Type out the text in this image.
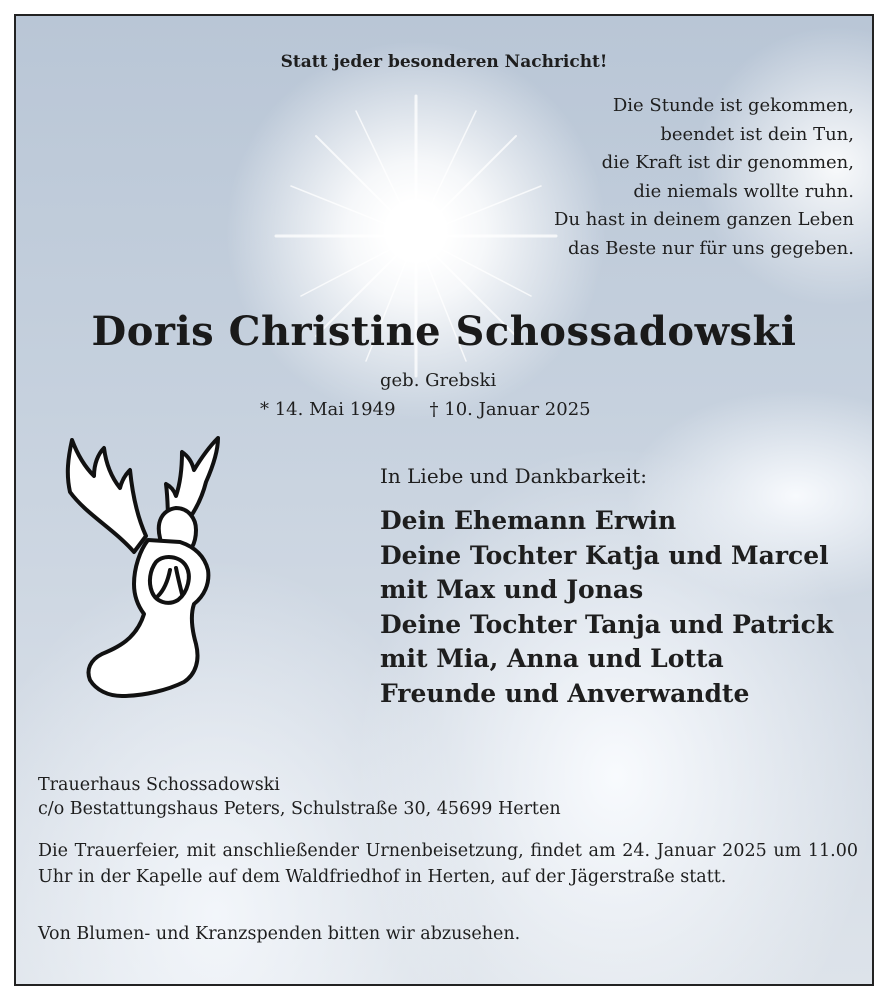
Statt jeder besonderen Nachricht!
Die Stunde ist gekommen,
beendet ist dein Tun,
die Kraft ist dir genommen,
die niemals wollte ruhn.
Du hast in deinem ganzen Leben
das Beste nur für uns gegeben.
Doris Christine Schossadowski
geb. Grebski
* 14. Mai 1949 † 10. Januar 2025
In Liebe und Dankbarkeit:
Dein Ehemann Erwin
Deine Tochter Katja und Marcel
mit Max und Jonas
Deine Tochter Tanja und Patrick
mit Mia, Anna und Lotta
Freunde und Anverwandte
Trauerhaus Schossadowski
c/o Bestattungshaus Peters, Schulstraße 30, 45699 Herten
Die Trauerfeier, mit anschließender Urnenbeisetzung, findet am 24. Januar 2025 um 11.00 Uhr in der Kapelle auf dem Waldfriedhof in Herten, auf der Jägerstraße statt.
Von Blumen- und Kranzspenden bitten wir abzusehen.
